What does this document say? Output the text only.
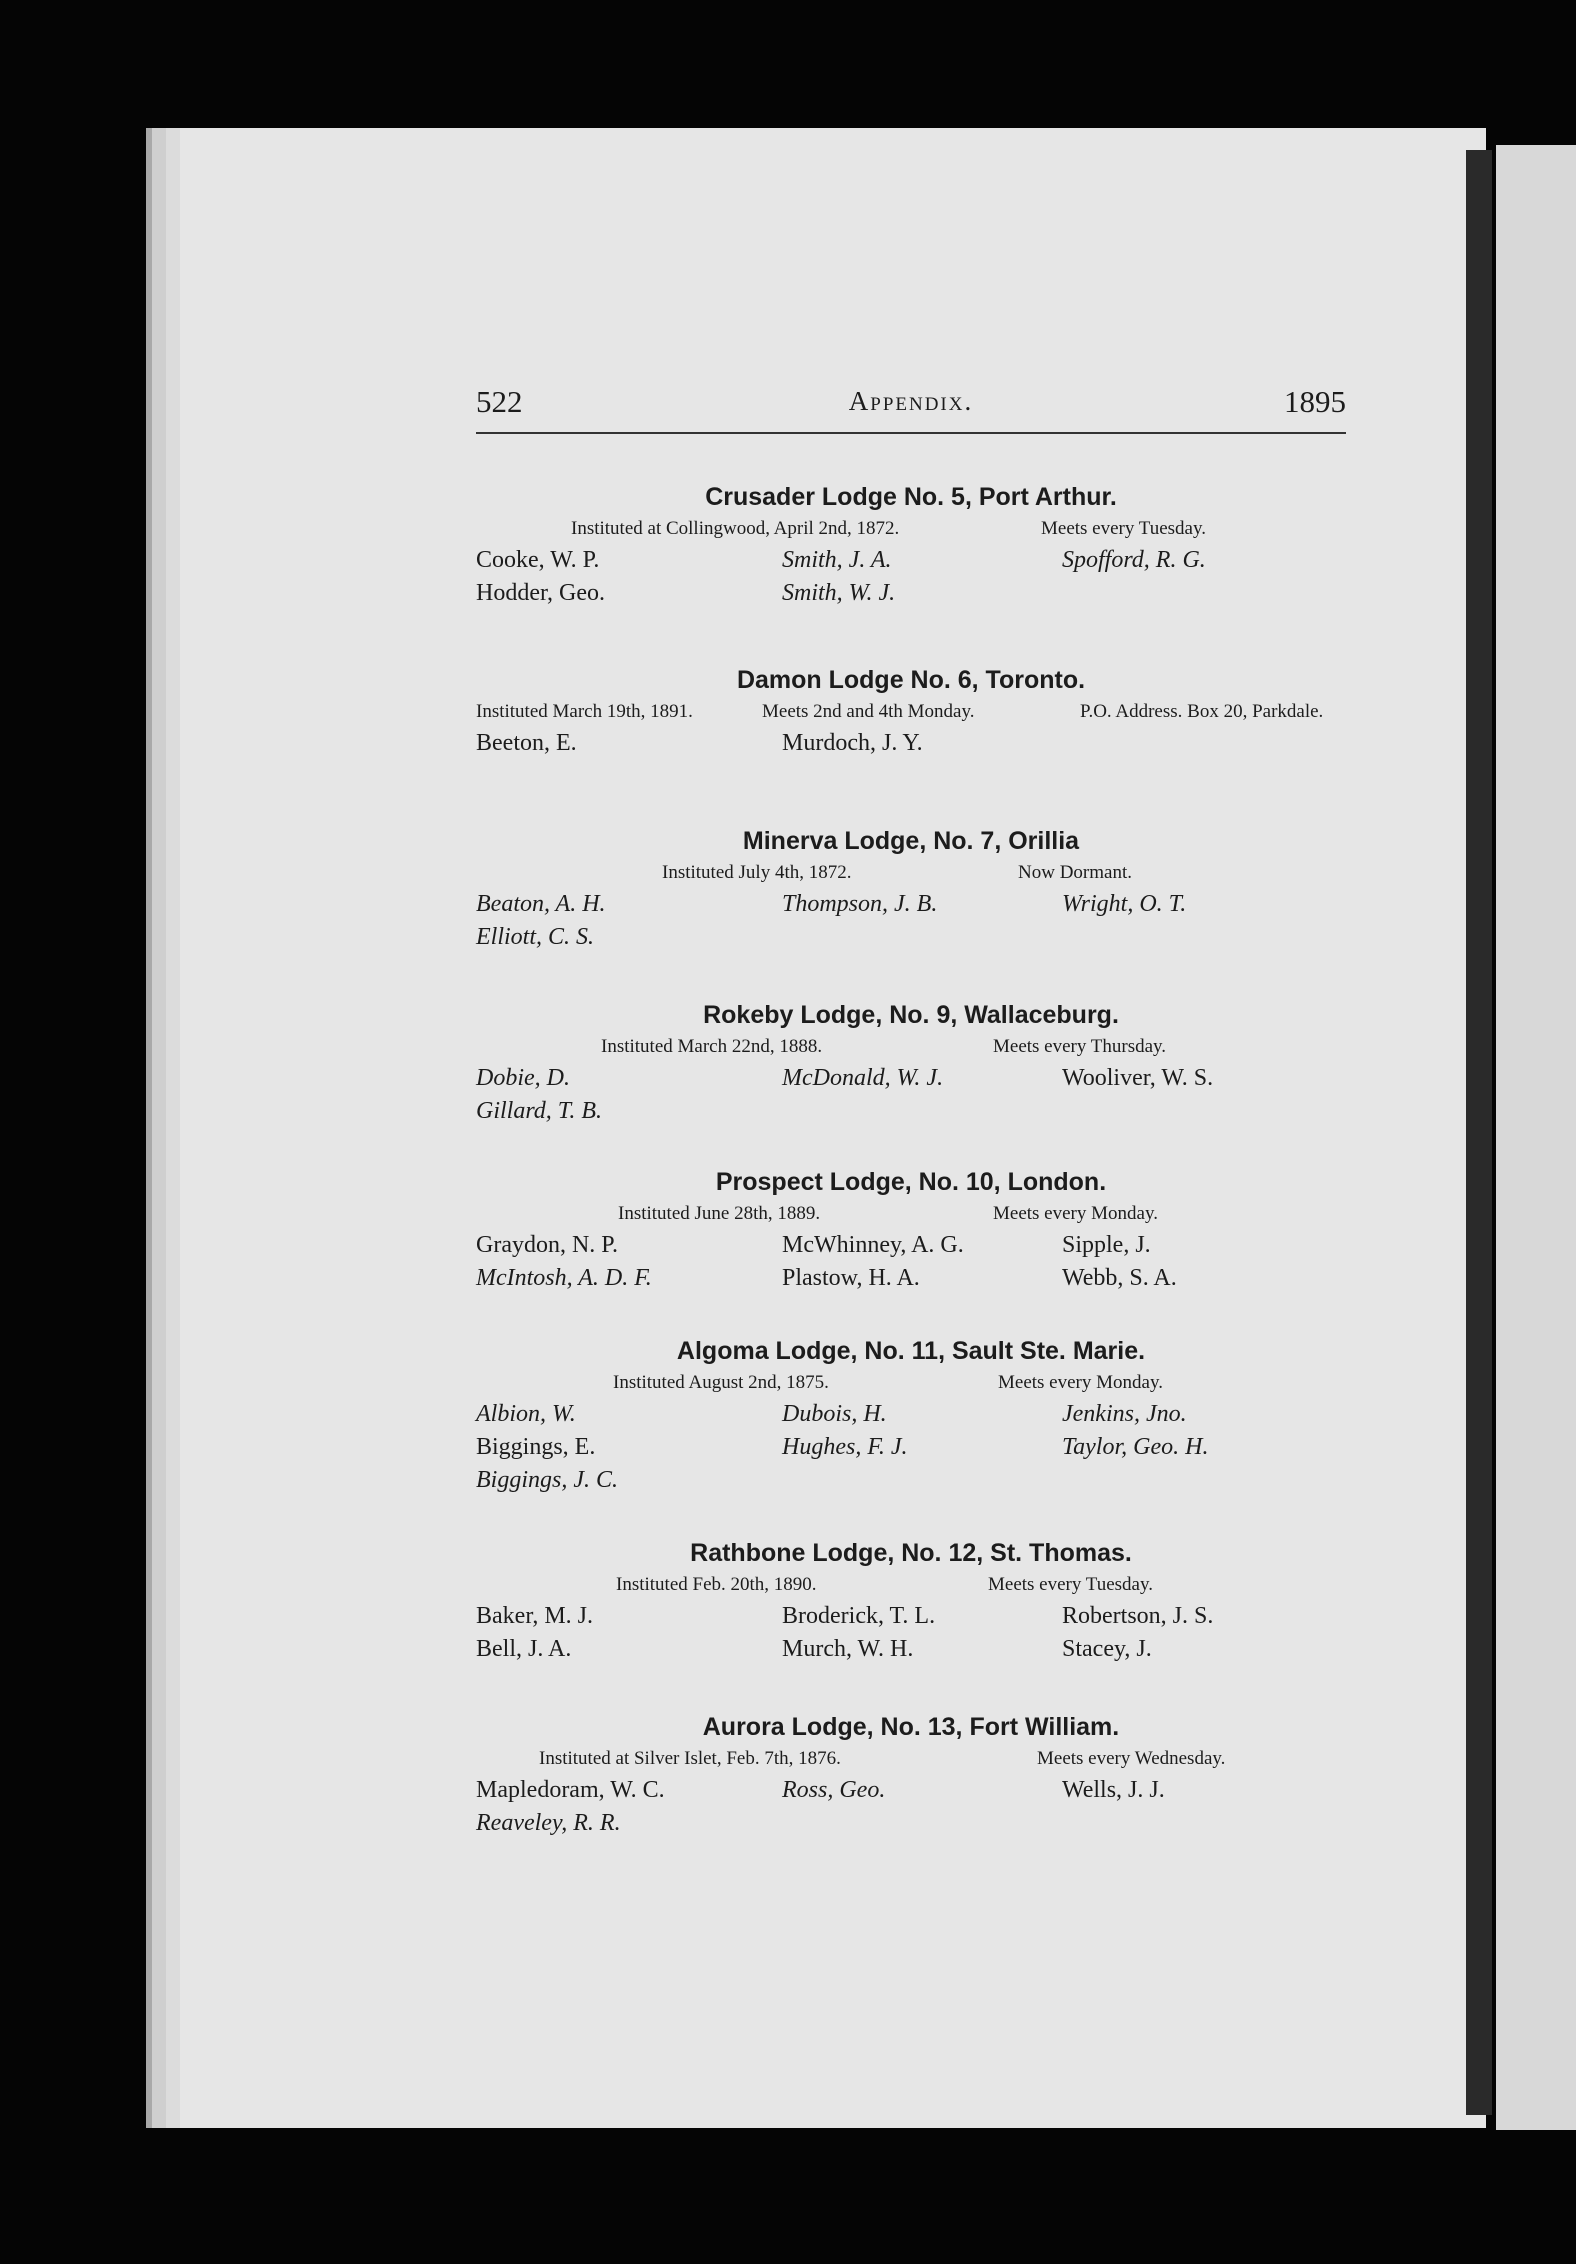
522	Appendix.	1895
Crusader Lodge No. 5, Port Arthur.
Instituted at Collingwood, April 2nd, 1872.	Meets every Tuesday.
Cooke, W. P.	Smith, J. A.	Spofford, R. G.
Hodder, Geo.	Smith, W. J.
Damon Lodge No. 6, Toronto.
Instituted March 19th, 1891.	Meets 2nd and 4th Monday.	P.O. Address. Box 20, Parkdale.
Beeton, E.	Murdoch, J. Y.
Minerva Lodge, No. 7, Orillia
Instituted July 4th, 1872.	Now Dormant.
Beaton, A. H.	Thompson, J. B.	Wright, O. T.
Elliott, C. S.
Rokeby Lodge, No. 9, Wallaceburg.
Instituted March 22nd, 1888.	Meets every Thursday.
Dobie, D.	McDonald, W. J.	Wooliver, W. S.
Gillard, T. B.
Prospect Lodge, No. 10, London.
Instituted June 28th, 1889.	Meets every Monday.
Graydon, N. P.	McWhinney, A. G.	Sipple, J.
McIntosh, A. D. F.	Plastow, H. A.	Webb, S. A.
Algoma Lodge, No. 11, Sault Ste. Marie.
Instituted August 2nd, 1875.	Meets every Monday.
Albion, W.	Dubois, H.	Jenkins, Jno.
Biggings, E.	Hughes, F. J.	Taylor, Geo. H.
Biggings, J. C.
Rathbone Lodge, No. 12, St. Thomas.
Instituted Feb. 20th, 1890.	Meets every Tuesday.
Baker, M. J.	Broderick, T. L.	Robertson, J. S.
Bell, J. A.	Murch, W. H.	Stacey, J.
Aurora Lodge, No. 13, Fort William.
Instituted at Silver Islet, Feb. 7th, 1876.	Meets every Wednesday.
Mapledoram, W. C.	Ross, Geo.	Wells, J. J.
Reaveley, R. R.
